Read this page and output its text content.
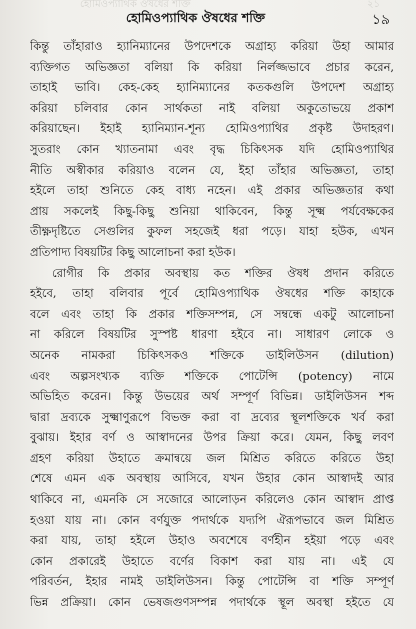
হোমিওপ্যাথিক ঔষধের শক্তি	২১
হোমিওপ্যাথিক ঔষধের শক্তি	১৯
কিন্তু তাঁহারাও হ্যানিম্যানের উপদেশকে অগ্রাহ্য করিয়া উহা আমার
ব্যক্তিগত অভিজ্ঞতা বলিয়া কি করিয়া নির্লজ্জভাবে প্রচার করেন,
তাহাই ভাবি। কেহ-কেহ হ্যানিম্যানের কতকগুলি উপদেশ অগ্রাহ্য
করিয়া চলিবার কোন সার্থকতা নাই বলিয়া অকুতোভয়ে প্রকাশ
করিয়াছেন। ইহাই হ্যানিম্যান-শূন্য হোমিওপ্যাথির প্রকৃষ্ট উদাহরণ।
সুতরাং কোন খ্যাতনামা এবং বৃদ্ধ চিকিৎসক যদি হোমিওপ্যাথির
নীতি অস্বীকার করিয়াও বলেন যে, ইহা তাঁহার অভিজ্ঞতা, তাহা
হইলে তাহা শুনিতে কেহ বাধ্য নহেন। এই প্রকার অভিজ্ঞতার কথা
প্রায় সকলেই কিছু-কিছু শুনিয়া থাকিবেন, কিন্তু সূক্ষ্ম পর্যবেক্ষকের
তীক্ষ্ণদৃষ্টিতে সেগুলির কুফল সহজেই ধরা পড়ে। যাহা হউক, এখন
প্রতিপাদ্য বিষয়টির কিছু আলোচনা করা হউক।
রোগীর কি প্রকার অবস্থায় কত শক্তির ঔষধ প্রদান করিতে
হইবে, তাহা বলিবার পূর্বে হোমিওপ্যাথিক ঔষধের শক্তি কাহাকে
বলে এবং তাহা কি প্রকার শক্তিসম্পন্ন, সে সম্বন্ধে একটু আলোচনা
না করিলে বিষয়টির সুস্পষ্ট ধারণা হইবে না। সাধারণ লোকে ও
অনেক নামকরা চিকিৎসকও শক্তিকে ডাইলিউসন (dilution)
এবং অল্পসংখ্যক ব্যক্তি শক্তিকে পোটেন্সি (potency) নামে
অভিহিত করেন। কিন্তু উভয়ের অর্থ সম্পূর্ণ বিভিন্ন। ডাইলিউসন শব্দ
দ্বারা দ্রব্যকে সুক্ষ্মাণুরূপে বিভক্ত করা বা দ্রব্যের স্থূলশক্তিকে খর্ব করা
বুঝায়। ইহার বর্ণ ও আস্বাদনের উপর ক্রিয়া করে। যেমন, কিছু লবণ
গ্রহণ করিয়া উহাতে ক্রমান্বয়ে জল মিশ্রিত করিতে করিতে উহা
শেষে এমন এক অবস্থায় আসিবে, যখন উহার কোন আস্বাদই আর
থাকিবে না, এমনকি সে সজোরে আলোড়ন করিলেও কোন আস্বাদ প্রাপ্ত
হওয়া যায় না। কোন বর্ণযুক্ত পদার্থকে যদ্যপি ঐরূপভাবে জল মিশ্রিত
করা যায়, তাহা হইলে উহাও অবশেষে বর্ণহীন হইয়া পড়ে এবং
কোন প্রকারেই উহাতে বর্ণের বিকাশ করা যায় না। এই যে
পরিবর্তন, ইহার নামই ডাইলিউসন। কিন্তু পোটেন্সি বা শক্তি সম্পূর্ণ
ভিন্ন প্রক্রিয়া। কোন ভেষজগুণসম্পন্ন পদার্থকে স্থূল অবস্থা হইতে যে
